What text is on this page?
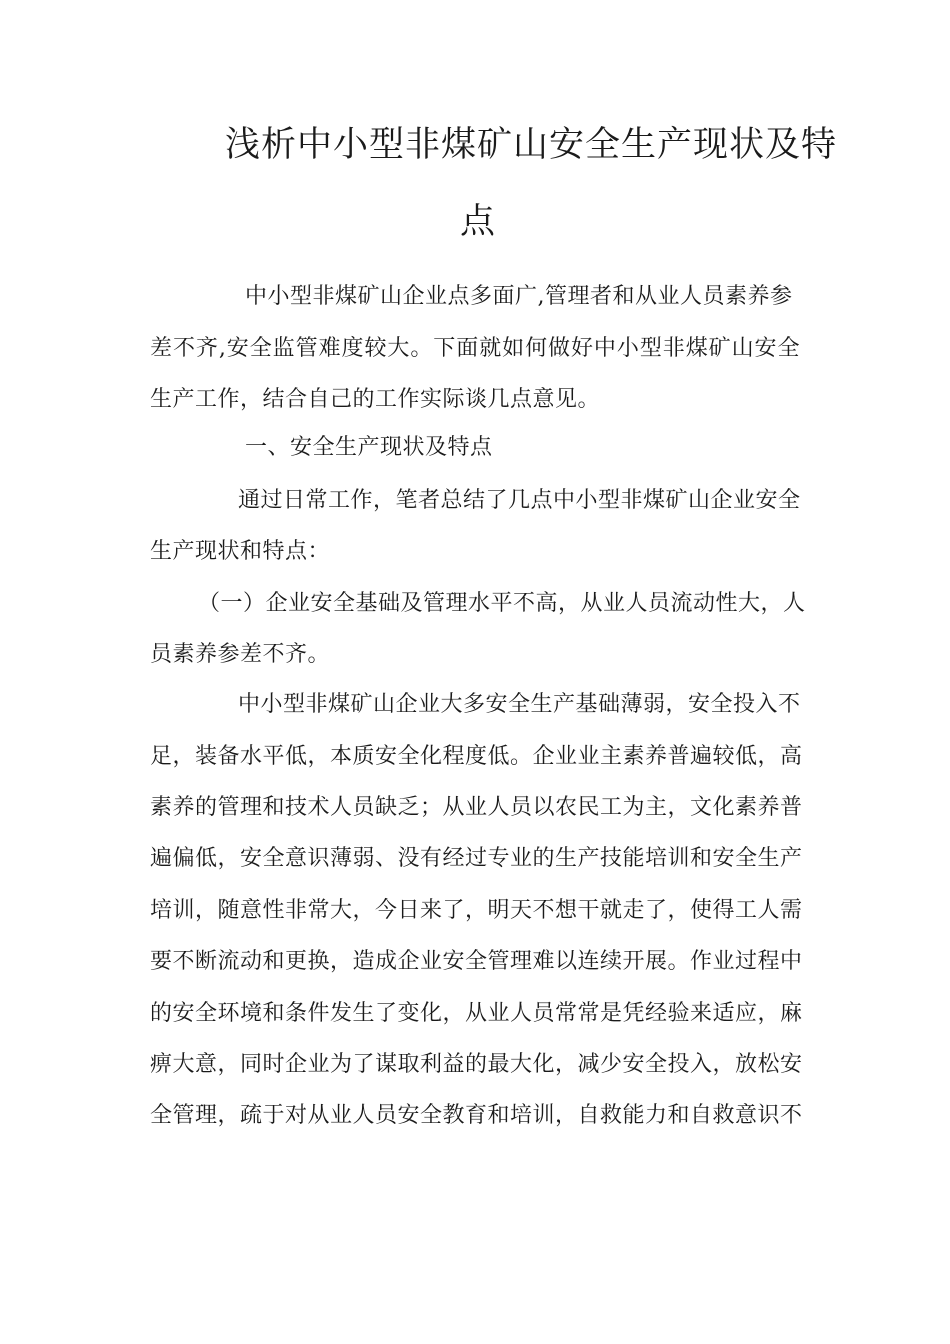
浅析中小型非煤矿山安全生产现状及特
点
中小型非煤矿山企业点多面广,管理者和从业人员素养参
差不齐,安全监管难度较大。下面就如何做好中小型非煤矿山安全
生产工作，结合自己的工作实际谈几点意见。
一、安全生产现状及特点
通过日常工作，笔者总结了几点中小型非煤矿山企业安全
生产现状和特点：
（一）企业安全基础及管理水平不高，从业人员流动性大，人
员素养参差不齐。
中小型非煤矿山企业大多安全生产基础薄弱，安全投入不
足，装备水平低，本质安全化程度低。企业业主素养普遍较低，高
素养的管理和技术人员缺乏；从业人员以农民工为主，文化素养普
遍偏低，安全意识薄弱、没有经过专业的生产技能培训和安全生产
培训，随意性非常大，今日来了，明天不想干就走了，使得工人需
要不断流动和更换，造成企业安全管理难以连续开展。作业过程中
的安全环境和条件发生了变化，从业人员常常是凭经验来适应，麻
痹大意，同时企业为了谋取利益的最大化，减少安全投入，放松安
全管理，疏于对从业人员安全教育和培训，自救能力和自救意识不
